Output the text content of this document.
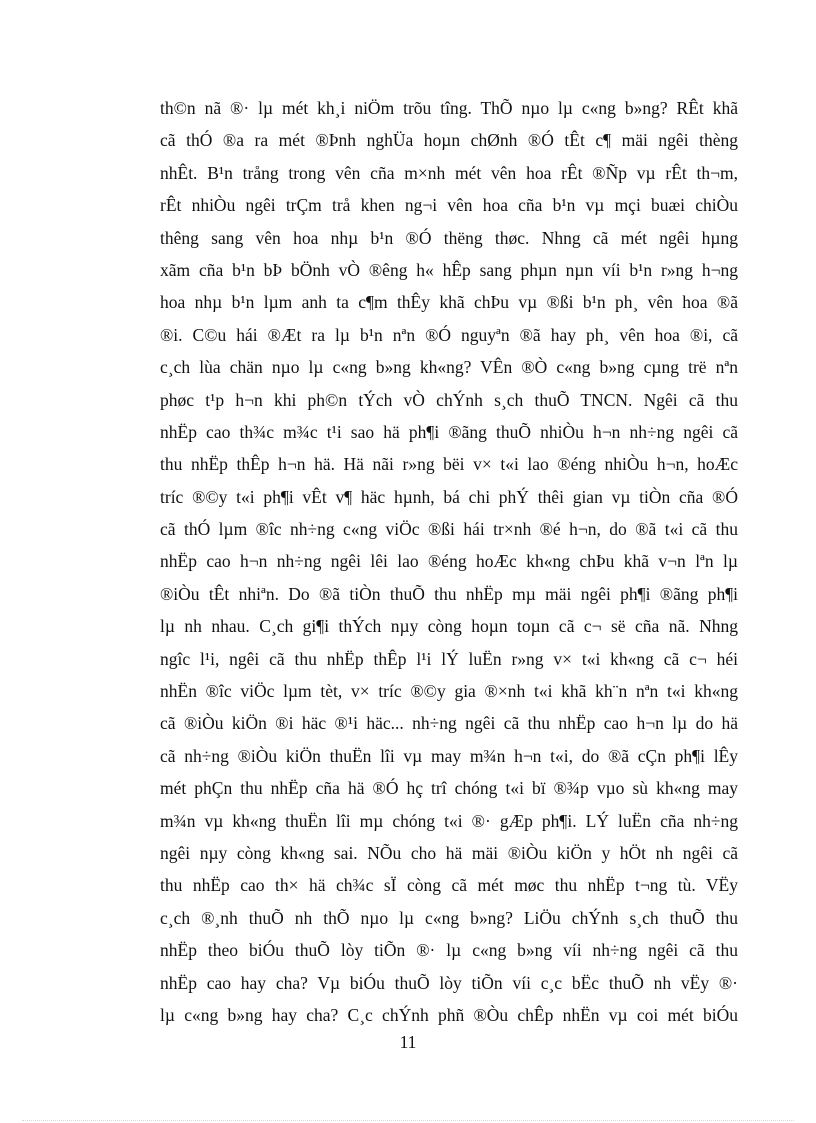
th©n nã ®· lµ mét kh¸i niÖm trõu tîng. ThÕ nµo lµ c«ng b»ng? RÊt khã
cã thÓ ®a ra mét ®Þnh nghÜa hoµn chØnh ®Ó tÊt c¶ mäi ngêi thèng
nhÊt. B¹n trång trong vên cña m×nh mét vên hoa rÊt ®Ñp vµ rÊt th¬m,
rÊt nhiÒu ngêi trÇm trå khen ng¬i vên hoa cña b¹n vµ mçi buæi chiÒu
thêng sang vên hoa nhµ b¹n ®Ó thëng thøc. Nhng cã mét ngêi hµng
xãm cña b¹n bÞ bÖnh vÒ ®êng h« hÊp sang phµn nµn víi b¹n r»ng h¬ng
hoa nhµ b¹n lµm anh ta c¶m thÊy khã chÞu vµ ®ßi b¹n ph¸ vên hoa ®ã
®i. C©u hái ®Æt ra lµ b¹n nªn ®Ó nguyªn ®ã hay ph¸ vên hoa ®i, cã
c¸ch lùa chän nµo lµ c«ng b»ng kh«ng? VÊn ®Ò c«ng b»ng cµng trë nªn
phøc t¹p h¬n khi ph©n tÝch vÒ chÝnh s¸ch thuÕ TNCN. Ngêi cã thu
nhËp cao th¾c m¾c t¹i sao hä ph¶i ®ãng thuÕ nhiÒu h¬n nh÷ng ngêi cã
thu nhËp thÊp h¬n hä. Hä nãi r»ng bëi v× t«i lao ®éng nhiÒu h¬n, hoÆc
tríc ®©y t«i ph¶i vÊt v¶ häc hµnh, bá chi phÝ thêi gian vµ tiÒn cña ®Ó
cã thÓ lµm ®îc nh÷ng c«ng viÖc ®ßi hái tr×nh ®é h¬n, do ®ã t«i cã thu
nhËp cao h¬n nh÷ng ngêi lêi lao ®éng hoÆc kh«ng chÞu khã v¬n lªn lµ
®iÒu tÊt nhiªn. Do ®ã tiÒn thuÕ thu nhËp mµ mäi ngêi ph¶i ®ãng ph¶i
lµ nh nhau. C¸ch gi¶i thÝch nµy còng hoµn toµn cã c¬ së cña nã. Nhng
ngîc l¹i, ngêi cã thu nhËp thÊp l¹i lÝ luËn r»ng v× t«i kh«ng cã c¬ héi
nhËn ®îc viÖc lµm tèt, v× tríc ®©y gia ®×nh t«i khã kh¨n nªn t«i kh«ng
cã ®iÒu kiÖn ®i häc ®¹i häc... nh÷ng ngêi cã thu nhËp cao h¬n lµ do hä
cã nh÷ng ®iÒu kiÖn thuËn lîi vµ may m¾n h¬n t«i, do ®ã cÇn ph¶i lÊy
mét phÇn thu nhËp cña hä ®Ó hç trî chóng t«i bï ®¾p vµo sù kh«ng may
m¾n vµ kh«ng thuËn lîi mµ chóng t«i ®· gÆp ph¶i. LÝ luËn cña nh÷ng
ngêi nµy còng kh«ng sai. NÕu cho hä mäi ®iÒu kiÖn y hÖt nh ngêi cã
thu nhËp cao th× hä ch¾c sÏ còng cã mét møc thu nhËp t¬ng tù. VËy
c¸ch ®¸nh thuÕ nh thÕ nµo lµ c«ng b»ng? LiÖu chÝnh s¸ch thuÕ thu
nhËp theo biÓu thuÕ lòy tiÕn ®· lµ c«ng b»ng víi nh÷ng ngêi cã thu
nhËp cao hay cha? Vµ biÓu thuÕ lòy tiÕn víi c¸c bËc thuÕ nh vËy ®·
lµ c«ng b»ng hay cha? C¸c chÝnh phñ ®Òu chÊp nhËn vµ coi mét biÓu
11
